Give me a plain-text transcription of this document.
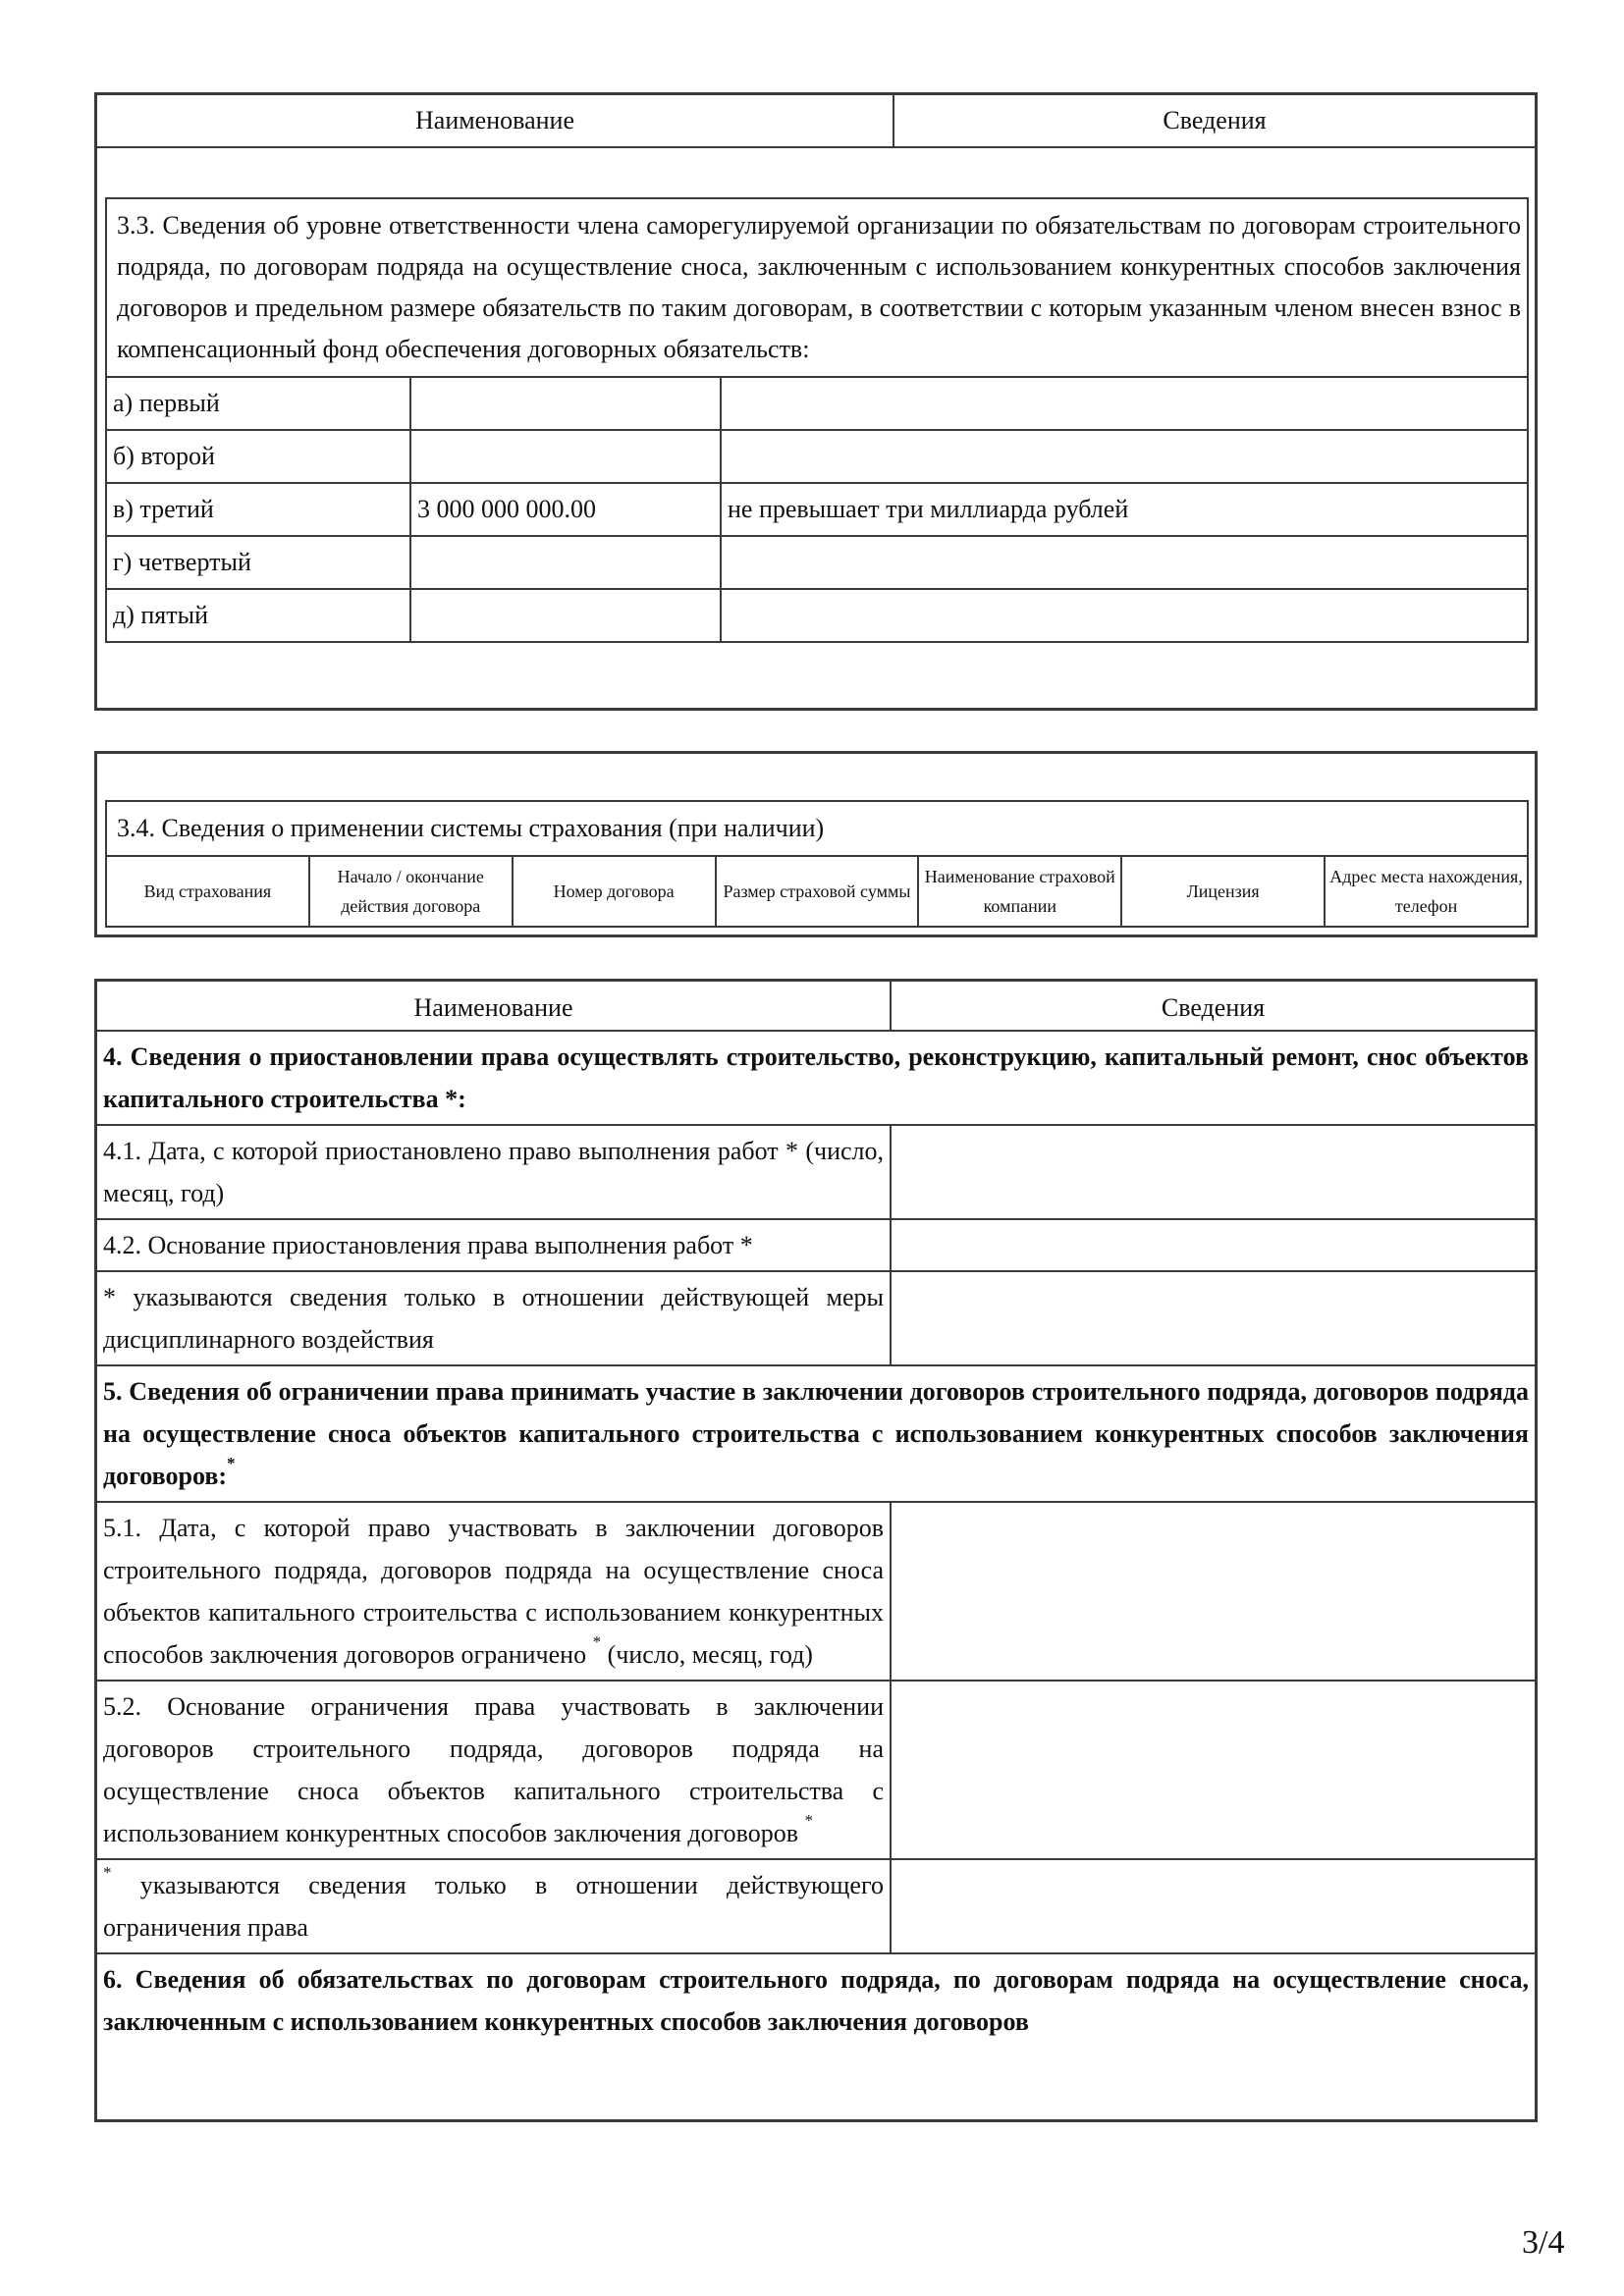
Наименование	Сведения
3.3. Сведения об уровне ответственности члена саморегулируемой организации по обязательствам по договорам строительного подряда, по договорам подряда на осуществление сноса, заключенным с использованием конкурентных способов заключения договоров и предельном размере обязательств по таким договорам, в соответствии с которым указанным членом внесен взнос в компенсационный фонд обеспечения договорных обязательств:		
а) первый		
б) второй		
в) третий	3 000 000 000.00	не превышает три миллиарда рублей
г) четвертый		
д) пятый		
3.4. Сведения о применении системы страхования (при наличии)
Вид страхования	Начало / окончание действия договора	Номер договора	Размер страховой суммы	Наименование страховой компании	Лицензия	Адрес места нахождения, телефон
Наименование	Сведения
4. Сведения о приостановлении права осуществлять строительство, реконструкцию, капитальный ремонт, снос объектов капитального строительства *:	
4.1. Дата, с которой приостановлено право выполнения работ * (число, месяц, год)	
4.2. Основание приостановления права выполнения работ *	
* указываются сведения только в отношении действующей меры дисциплинарного воздействия	
5. Сведения об ограничении права принимать участие в заключении договоров строительного подряда, договоров подряда на осуществление сноса объектов капитального строительства с использованием конкурентных способов заключения договоров:*
5.1. Дата, с которой право участвовать в заключении договоров строительного подряда, договоров подряда на осуществление сноса объектов капитального строительства с использованием конкурентных способов заключения договоров ограничено * (число, месяц, год)	
5.2. Основание ограничения права участвовать в заключении договоров строительного подряда, договоров подряда на осуществление сноса объектов капитального строительства с использованием конкурентных способов заключения договоров *	
* указываются сведения только в отношении действующего ограничения права	
6. Сведения об обязательствах по договорам строительного подряда, по договорам подряда на осуществление сноса, заключенным с использованием конкурентных способов заключения договоров	
3/4
